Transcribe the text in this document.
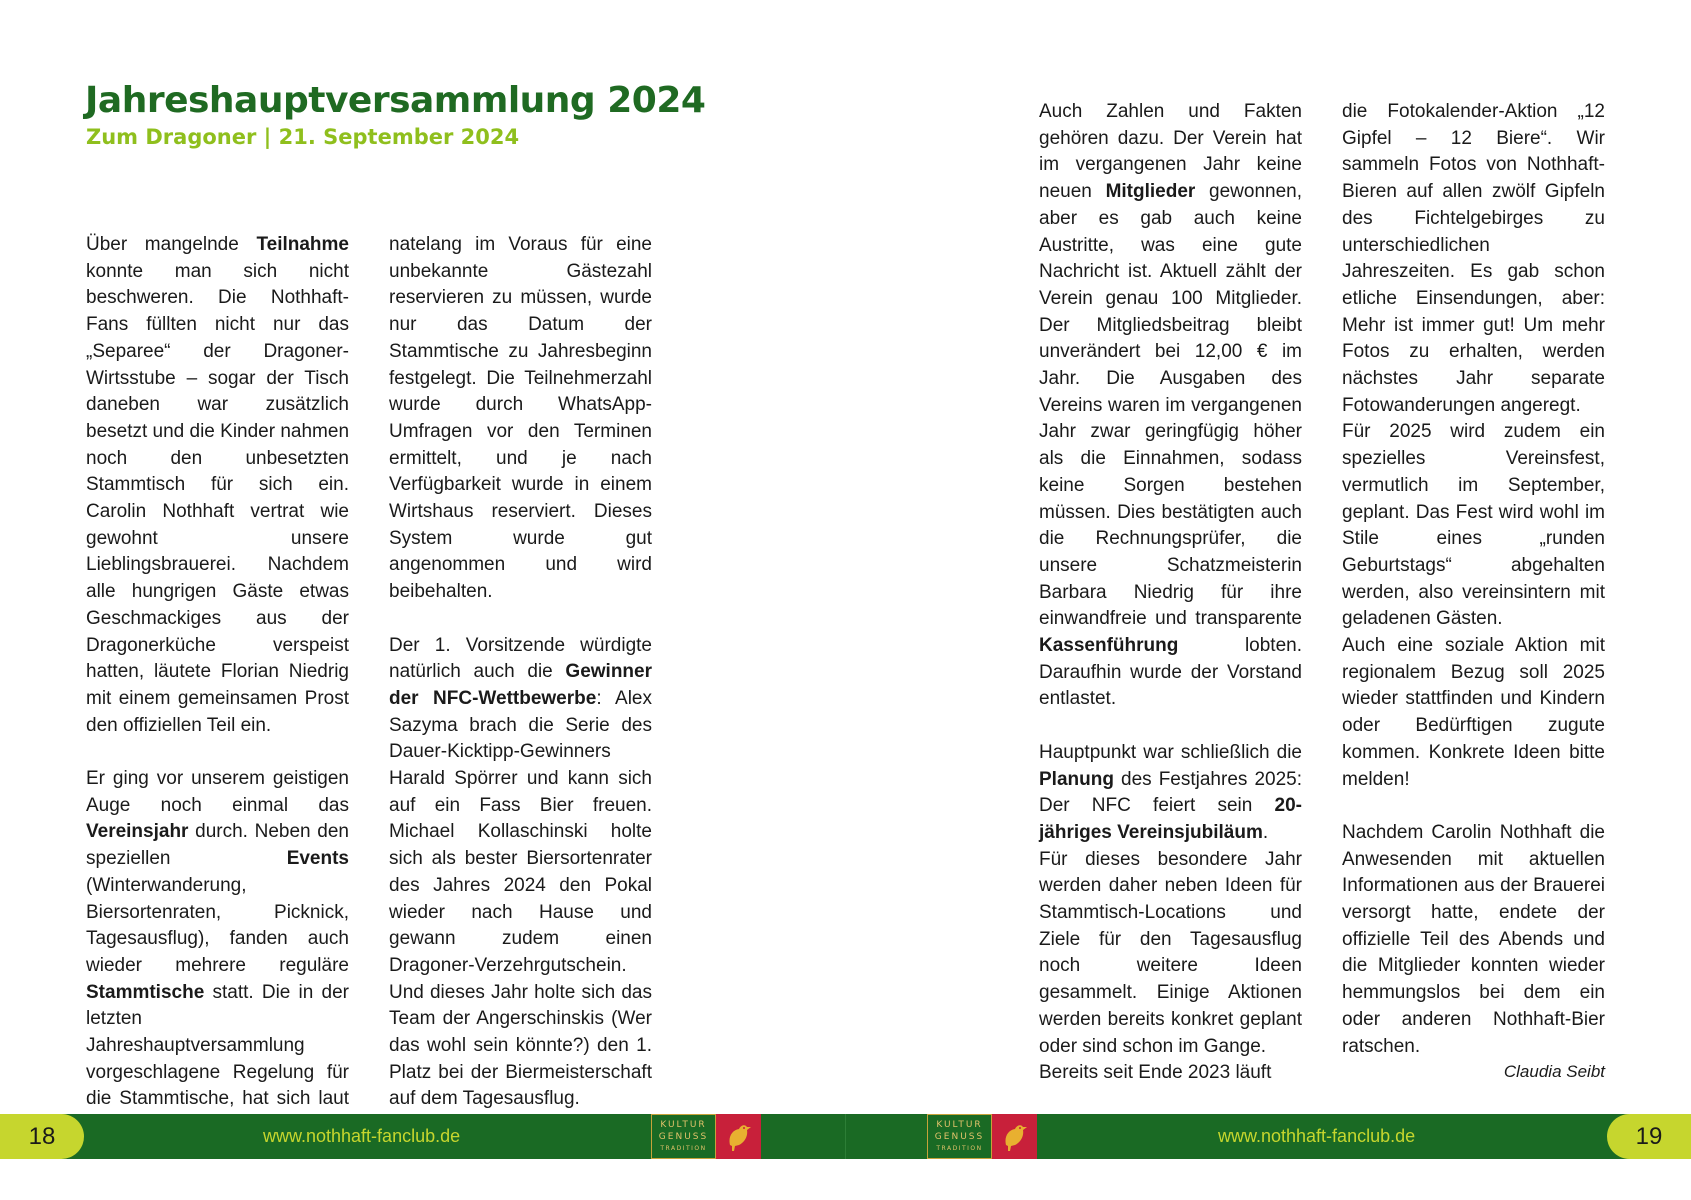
Jahreshauptversammlung 2024
Zum Dragoner | 21. September 2024
Über mangelnde Teilnahme konnte man sich nicht beschweren. Die Nothhaft-Fans füllten nicht nur das „Separee“ der Dragoner-Wirtsstube – sogar der Tisch daneben war zusätzlich besetzt und die Kinder nahmen noch den unbesetzten Stammtisch für sich ein. Carolin Nothhaft vertrat wie gewohnt unsere Lieblingsbrauerei. Nachdem alle hungrigen Gäste etwas Geschmackiges aus der Dragonerküche verspeist hatten, läutete Florian Niedrig mit einem gemeinsamen Prost den offiziellen Teil ein.
Er ging vor unserem geistigen Auge noch einmal das Vereinsjahr durch. Neben den speziellen Events (Winterwanderung, Biersortenraten, Picknick, Tagesausflug), fanden auch wieder mehrere reguläre Stammtische statt. Die in der letzten Jahreshauptversammlung vorgeschlagene Regelung für die Stammtische, hat sich laut
natelang im Voraus für eine unbekannte Gästezahl reservieren zu müssen, wurde nur das Datum der Stammtische zu Jahresbeginn festgelegt. Die Teilnehmerzahl wurde durch WhatsApp-Umfragen vor den Terminen ermittelt, und je nach Verfügbarkeit wurde in einem Wirtshaus reserviert. Dieses System wurde gut angenommen und wird beibehalten.
Der 1. Vorsitzende würdigte natürlich auch die Gewinner der NFC-Wettbewerbe: Alex Sazyma brach die Serie des Dauer-Kicktipp-Gewinners Harald Spörrer und kann sich auf ein Fass Bier freuen. Michael Kollaschinski holte sich als bester Biersortenrater des Jahres 2024 den Pokal wieder nach Hause und gewann zudem einen Dragoner-Verzehrgutschein. Und dieses Jahr holte sich das Team der Angerschinskis (Wer das wohl sein könnte?) den 1. Platz bei der Biermeisterschaft auf dem Tagesausflug.
Auch Zahlen und Fakten gehören dazu. Der Verein hat im vergangenen Jahr keine neuen Mitglieder gewonnen, aber es gab auch keine Austritte, was eine gute Nachricht ist. Aktuell zählt der Verein genau 100 Mitglieder. Der Mitgliedsbeitrag bleibt unverändert bei 12,00 € im Jahr. Die Ausgaben des Vereins waren im vergangenen Jahr zwar geringfügig höher als die Einnahmen, sodass keine Sorgen bestehen müssen. Dies bestätigten auch die Rechnungsprüfer, die unsere Schatzmeisterin Barbara Niedrig für ihre einwandfreie und transparente Kassenführung lobten. Daraufhin wurde der Vorstand entlastet.
Hauptpunkt war schließlich die Planung des Festjahres 2025: Der NFC feiert sein 20-jähriges Vereinsjubiläum.
Für dieses besondere Jahr werden daher neben Ideen für Stammtisch-Locations und Ziele für den Tagesausflug noch weitere Ideen gesammelt. Einige Aktionen werden bereits konkret geplant oder sind schon im Gange.
Bereits seit Ende 2023 läuft
die Fotokalender-Aktion „12 Gipfel – 12 Biere“. Wir sammeln Fotos von Nothhaft-Bieren auf allen zwölf Gipfeln des Fichtelgebirges zu unterschiedlichen Jahreszeiten. Es gab schon etliche Einsendungen, aber: Mehr ist immer gut! Um mehr Fotos zu erhalten, werden nächstes Jahr separate Fotowanderungen angeregt.
Für 2025 wird zudem ein spezielles Vereinsfest, vermutlich im September, geplant. Das Fest wird wohl im Stile eines „runden Geburtstags“ abgehalten werden, also vereinsintern mit geladenen Gästen.
Auch eine soziale Aktion mit regionalem Bezug soll 2025 wieder stattfinden und Kindern oder Bedürftigen zugute kommen. Konkrete Ideen bitte melden!
Nachdem Carolin Nothhaft die Anwesenden mit aktuellen Informationen aus der Brauerei versorgt hatte, endete der offizielle Teil des Abends und die Mitglieder konnten wieder hemmungslos bei dem ein oder anderen Nothhaft-Bier ratschen.
Claudia Seibt
18	www.nothhaft-fanclub.de
KULTUR
GENUSS
TRADITION
KULTUR
GENUSS
TRADITION
www.nothhaft-fanclub.de	19
